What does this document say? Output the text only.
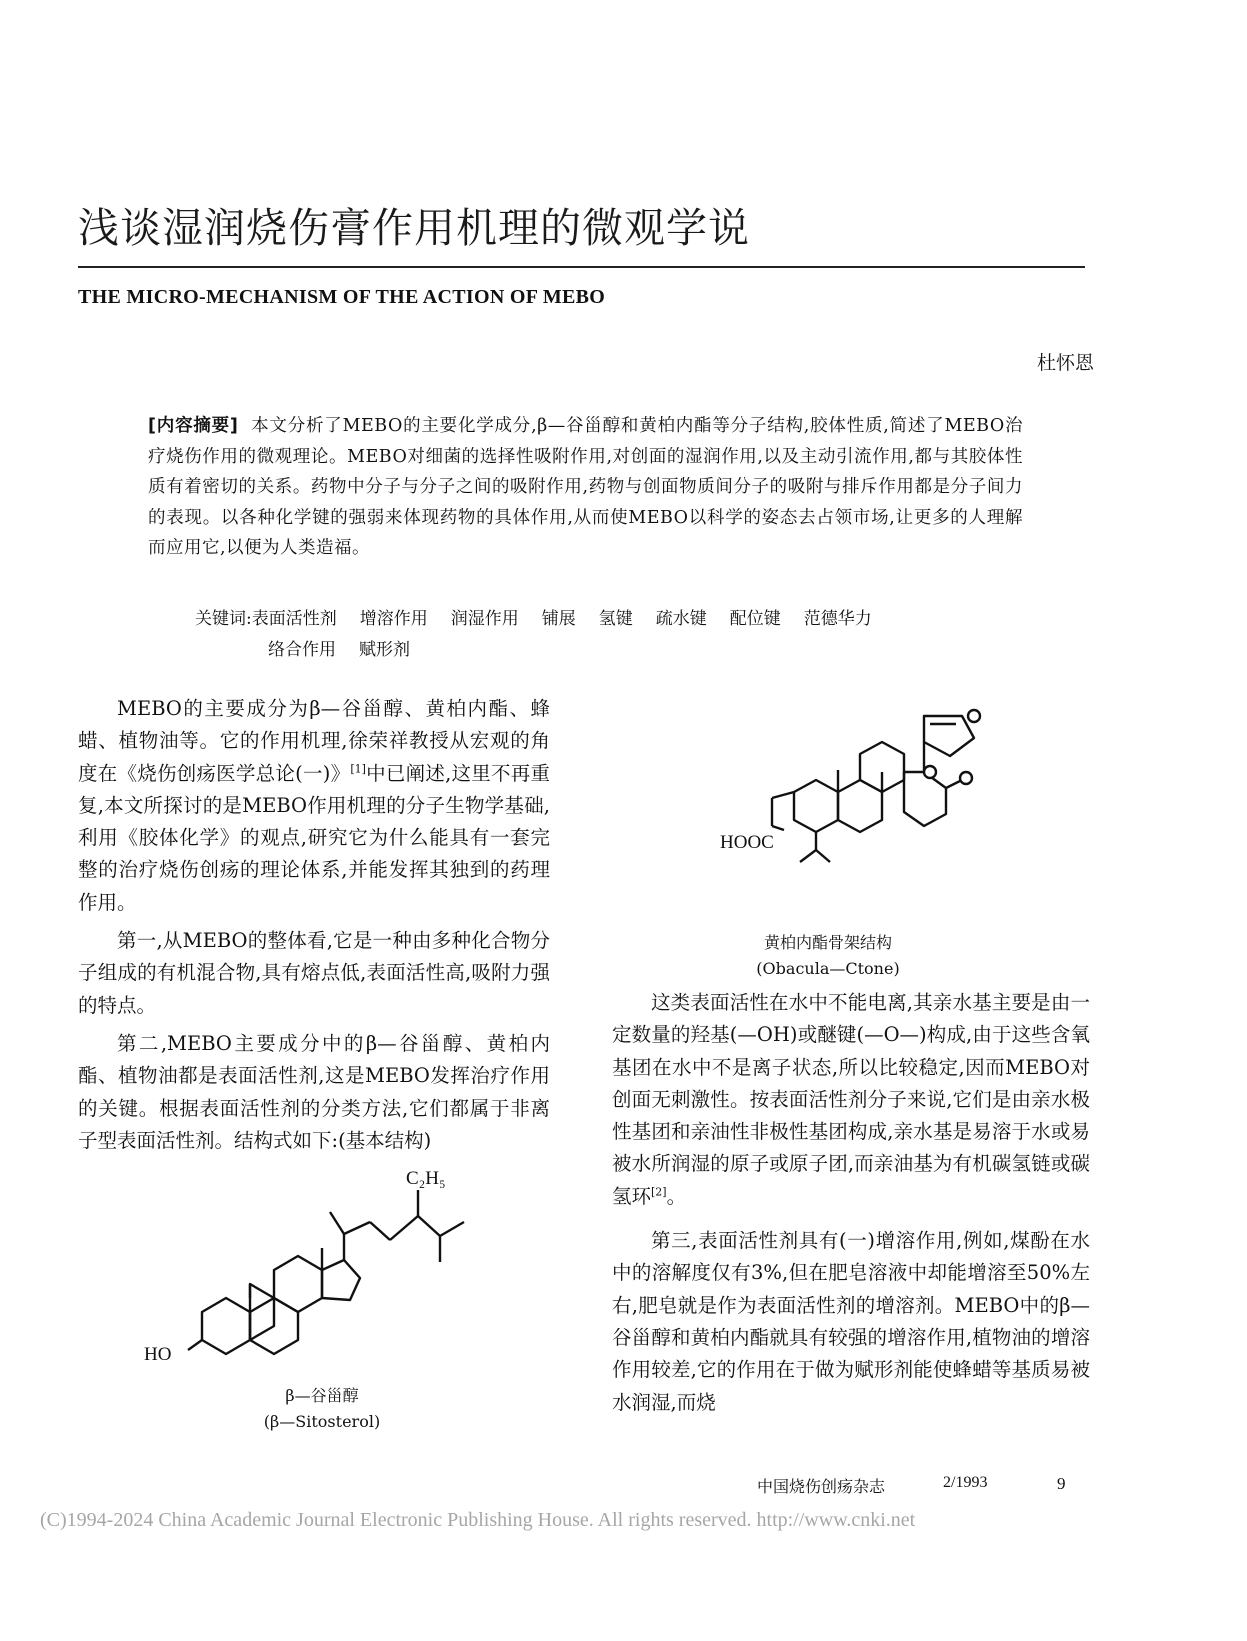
浅谈湿润烧伤膏作用机理的微观学说
THE MICRO-MECHANISM OF THE ACTION OF MEBO
杜怀恩
[内容摘要] 本文分析了MEBO的主要化学成分,β—谷甾醇和黄柏内酯等分子结构,胶体性质,简述了MEBO治疗烧伤作用的微观理论。MEBO对细菌的选择性吸附作用,对创面的湿润作用,以及主动引流作用,都与其胶体性质有着密切的关系。药物中分子与分子之间的吸附作用,药物与创面物质间分子的吸附与排斥作用都是分子间力的表现。以各种化学键的强弱来体现药物的具体作用,从而使MEBO以科学的姿态去占领市场,让更多的人理解而应用它,以便为人类造福。
关键词:表面活性剂 增溶作用 润湿作用 铺展 氢键 疏水键 配位键 范德华力
络合作用 赋形剂

MEBO的主要成分为β—谷甾醇、黄柏内酯、蜂蜡、植物油等。它的作用机理,徐荣祥教授从宏观的角度在《烧伤创疡医学总论(一)》[1]中已阐述,这里不再重复,本文所探讨的是MEBO作用机理的分子生物学基础,利用《胶体化学》的观点,研究它为什么能具有一套完整的治疗烧伤创疡的理论体系,并能发挥其独到的药理作用。

第一,从MEBO的整体看,它是一种由多种化合物分子组成的有机混合物,具有熔点低,表面活性高,吸附力强的特点。

第二,MEBO主要成分中的β—谷甾醇、黄柏内酯、植物油都是表面活性剂,这是MEBO发挥治疗作用的关键。根据表面活性剂的分类方法,它们都属于非离子型表面活性剂。结构式如下:(基本结构)

HOOC
黄柏内酯骨架结构
(Obacula—Ctone)

这类表面活性在水中不能电离,其亲水基主要是由一定数量的羟基(—OH)或醚键(—O—)构成,由于这些含氧基团在水中不是离子状态,所以比较稳定,因而MEBO对创面无刺激性。按表面活性剂分子来说,它们是由亲水极性基团和亲油性非极性基团构成,亲水基是易溶于水或易被水所润湿的原子或原子团,而亲油基为有机碳氢链或碳氢环[2]。

第三,表面活性剂具有(一)增溶作用,例如,煤酚在水中的溶解度仅有3%,但在肥皂溶液中却能增溶至50%左右,肥皂就是作为表面活性剂的增溶剂。MEBO中的β—谷甾醇和黄柏内酯就具有较强的增溶作用,植物油的增溶作用较差,它的作用在于做为赋形剂能使蜂蜡等基质易被水润湿,而烧

C₂H₅
HO
β—谷甾醇
(β—Sitosterol)
中国烧伤创疡杂志	2/1993	9
(C)1994-2024 China Academic Journal Electronic Publishing House. All rights reserved. http://www.cnki.net
